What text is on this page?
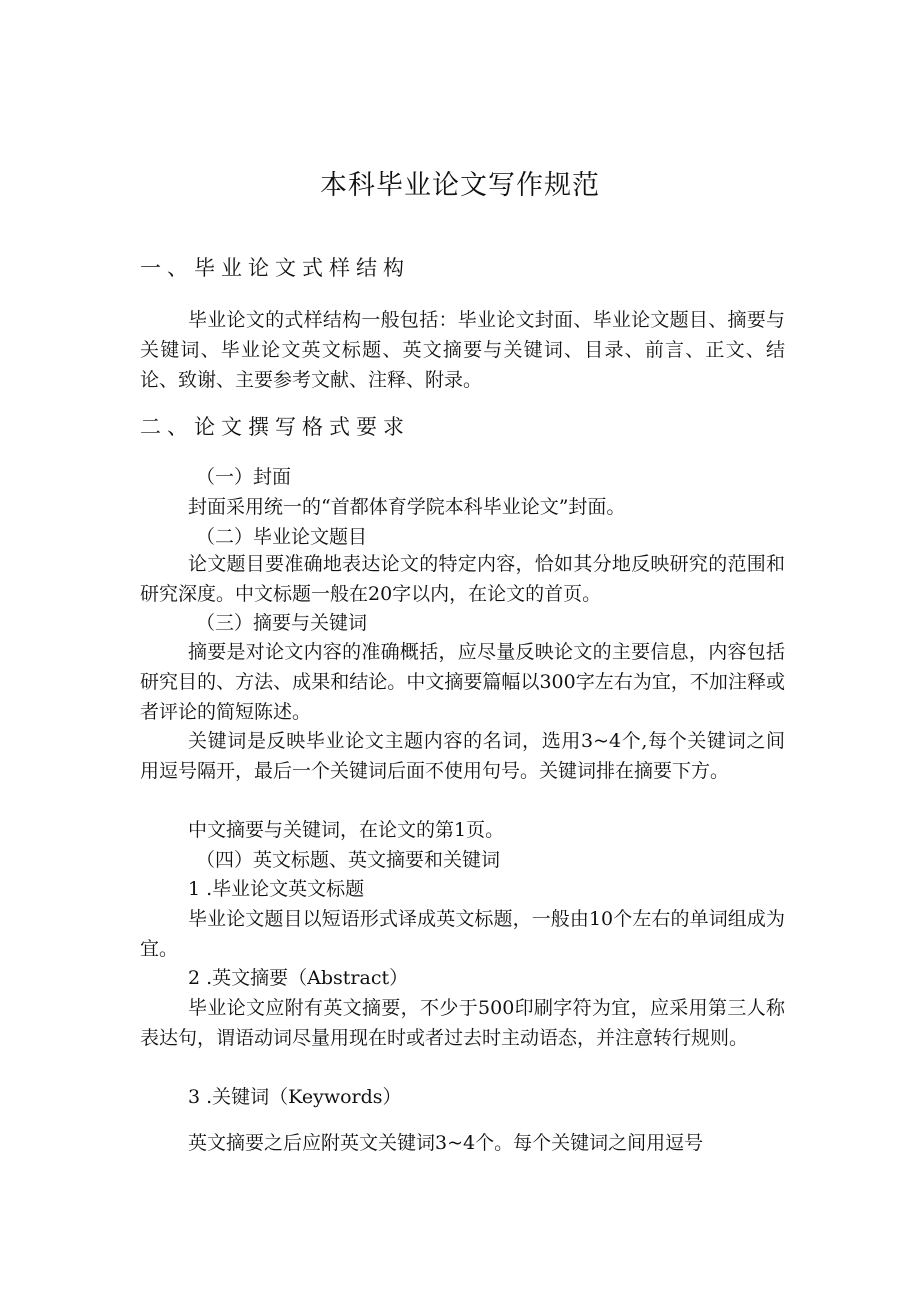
本科毕业论文写作规范
一、毕业论文式样结构
毕业论文的式样结构一般包括：毕业论文封面、毕业论文题目、摘要与关键词、毕业论文英文标题、英文摘要与关键词、目录、前言、正文、结论、致谢、主要参考文献、注释、附录。
二、论文撰写格式要求
（一）封面
封面采用统一的“首都体育学院本科毕业论文”封面。
（二）毕业论文题目
论文题目要准确地表达论文的特定内容，恰如其分地反映研究的范围和研究深度。中文标题一般在20字以内，在论文的首页。
（三）摘要与关键词
摘要是对论文内容的准确概括，应尽量反映论文的主要信息，内容包括研究目的、方法、成果和结论。中文摘要篇幅以300字左右为宜，不加注释或者评论的简短陈述。
关键词是反映毕业论文主题内容的名词，选用3~4个,每个关键词之间用逗号隔开，最后一个关键词后面不使用句号。关键词排在摘要下方。
中文摘要与关键词，在论文的第1页。
（四）英文标题、英文摘要和关键词
1 .毕业论文英文标题
毕业论文题目以短语形式译成英文标题，一般由10个左右的单词组成为宜。
2 .英文摘要（Abstract）
毕业论文应附有英文摘要，不少于500印刷字符为宜，应采用第三人称表达句，谓语动词尽量用现在时或者过去时主动语态，并注意转行规则。
3 .关键词（Keywords）
英文摘要之后应附英文关键词3~4个。每个关键词之间用逗号
